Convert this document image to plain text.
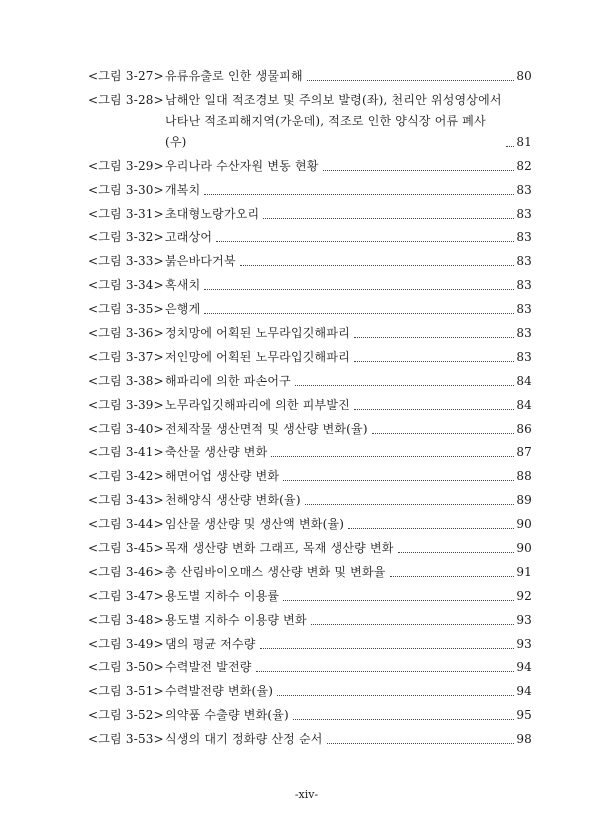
<그림 3-27> 유류유출로 인한 생물피해	80
<그림 3-28> 남해안 일대 적조경보 및 주의보 발령(좌), 천리안 위성영상에서 나타난 적조피해지역(가운데), 적조로 인한 양식장 어류 폐사(우)	81
<그림 3-29> 우리나라 수산자원 변동 현황	82
<그림 3-30> 개복치	83
<그림 3-31> 초대형노랑가오리	83
<그림 3-32> 고래상어	83
<그림 3-33> 붉은바다거북	83
<그림 3-34> 혹새치	83
<그림 3-35> 은행게	83
<그림 3-36> 정치망에 어획된 노무라입깃해파리	83
<그림 3-37> 저인망에 어획된 노무라입깃해파리	83
<그림 3-38> 해파리에 의한 파손어구	84
<그림 3-39> 노무라입깃해파리에 의한 피부발진	84
<그림 3-40> 전체작물 생산면적 및 생산량 변화(율)	86
<그림 3-41> 축산물 생산량 변화	87
<그림 3-42> 해면어업 생산량 변화	88
<그림 3-43> 천해양식 생산량 변화(율)	89
<그림 3-44> 임산물 생산량 및 생산액 변화(율)	90
<그림 3-45> 목재 생산량 변화 그래프, 목재 생산량 변화	90
<그림 3-46> 총 산림바이오매스 생산량 변화 및 변화율	91
<그림 3-47> 용도별 지하수 이용률	92
<그림 3-48> 용도별 지하수 이용량 변화	93
<그림 3-49> 댐의 평균 저수량	93
<그림 3-50> 수력발전 발전량	94
<그림 3-51> 수력발전량 변화(율)	94
<그림 3-52> 의약품 수출량 변화(율)	95
<그림 3-53> 식생의 대기 정화량 산정 순서	98
-xiv-
